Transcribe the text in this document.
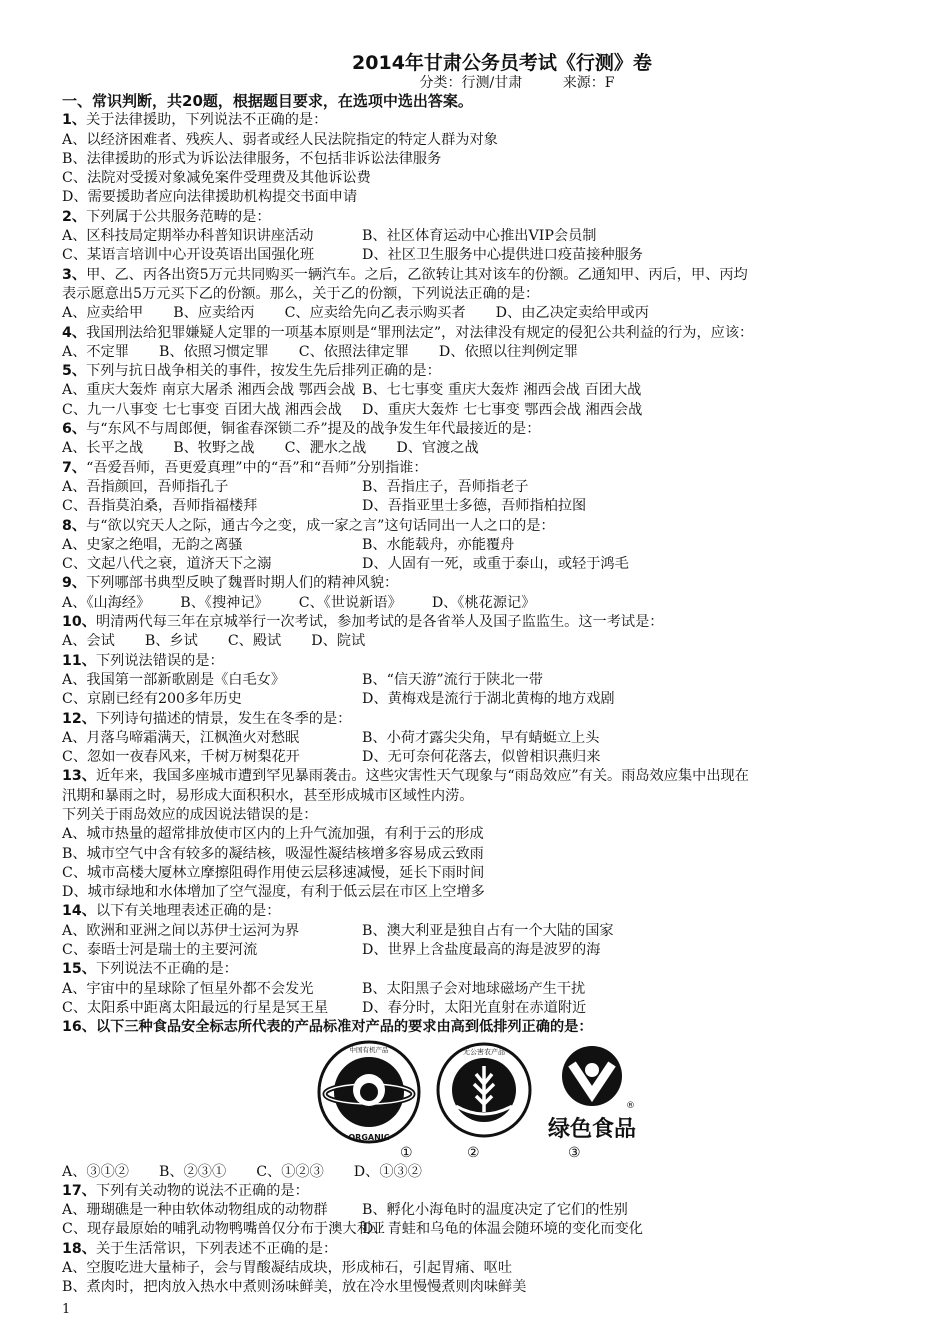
2014年甘肃公务员考试《行测》卷
分类：行测/甘肃	来源：F
一、常识判断，共20题，根据题目要求，在选项中选出答案。
1、关于法律援助，下列说法不正确的是：
A、以经济困难者、残疾人、弱者或经人民法院指定的特定人群为对象
B、法律援助的形式为诉讼法律服务，不包括非诉讼法律服务
C、法院对受援对象减免案件受理费及其他诉讼费
D、需要援助者应向法律援助机构提交书面申请
2、下列属于公共服务范畴的是：
A、区科技局定期举办科普知识讲座活动	B、社区体育运动中心推出VIP会员制
C、某语言培训中心开设英语出国强化班	D、社区卫生服务中心提供进口疫苗接种服务
3、甲、乙、丙各出资5万元共同购买一辆汽车。之后，乙欲转让其对该车的份额。乙通知甲、丙后，甲、丙均
表示愿意出5万元买下乙的份额。那么，关于乙的份额，下列说法正确的是：
A、应卖给甲 B、应卖给丙 C、应卖给先向乙表示购买者 D、由乙决定卖给甲或丙
4、我国刑法给犯罪嫌疑人定罪的一项基本原则是“罪刑法定”，对法律没有规定的侵犯公共利益的行为，应该：
A、不定罪 B、依照习惯定罪 C、依照法律定罪 D、依照以往判例定罪
5、下列与抗日战争相关的事件，按发生先后排列正确的是：
A、重庆大轰炸 南京大屠杀 湘西会战 鄂西会战 B、七七事变 重庆大轰炸 湘西会战 百团大战
C、九一八事变 七七事变 百团大战 湘西会战 D、重庆大轰炸 七七事变 鄂西会战 湘西会战
6、与“东风不与周郎便，铜雀春深锁二乔”提及的战争发生年代最接近的是：
A、长平之战 B、牧野之战 C、淝水之战 D、官渡之战
7、“吾爱吾师，吾更爱真理”中的“吾”和“吾师”分别指谁：
A、吾指颜回，吾师指孔子	B、吾指庄子，吾师指老子
C、吾指莫泊桑，吾师指福楼拜	D、吾指亚里士多德，吾师指柏拉图
8、与“欲以究天人之际，通古今之变，成一家之言”这句话同出一人之口的是：
A、史家之绝唱，无韵之离骚	B、水能载舟，亦能覆舟
C、文起八代之衰，道济天下之溺	D、人固有一死，或重于泰山，或轻于鸿毛
9、下列哪部书典型反映了魏晋时期人们的精神风貌：
A、《山海经》 B、《搜神记》 C、《世说新语》 D、《桃花源记》
10、明清两代每三年在京城举行一次考试，参加考试的是各省举人及国子监监生。这一考试是：
A、会试 B、乡试 C、殿试 D、院试
11、下列说法错误的是：
A、我国第一部新歌剧是《白毛女》	B、“信天游”流行于陕北一带
C、京剧已经有200多年历史	D、黄梅戏是流行于湖北黄梅的地方戏剧
12、下列诗句描述的情景，发生在冬季的是：
A、月落乌啼霜满天，江枫渔火对愁眠	B、小荷才露尖尖角，早有蜻蜓立上头
C、忽如一夜春风来，千树万树梨花开	D、无可奈何花落去，似曾相识燕归来
13、近年来，我国多座城市遭到罕见暴雨袭击。这些灾害性天气现象与“雨岛效应”有关。雨岛效应集中出现在
汛期和暴雨之时，易形成大面积积水，甚至形成城市区域性内涝。
下列关于雨岛效应的成因说法错误的是：
A、城市热量的超常排放使市区内的上升气流加强，有利于云的形成
B、城市空气中含有较多的凝结核，吸湿性凝结核增多容易成云致雨
C、城市高楼大厦林立摩擦阻碍作用使云层移速减慢，延长下雨时间
D、城市绿地和水体增加了空气湿度，有利于低云层在市区上空增多
14、以下有关地理表述正确的是：
A、欧洲和亚洲之间以苏伊士运河为界	B、澳大利亚是独自占有一个大陆的国家
C、泰晤士河是瑞士的主要河流	D、世界上含盐度最高的海是波罗的海
15、下列说法不正确的是：
A、宇宙中的星球除了恒星外都不会发光	B、太阳黑子会对地球磁场产生干扰
C、太阳系中距离太阳最远的行星是冥王星 D、春分时，太阳光直射在赤道附近
16、以下三种食品安全标志所代表的产品标准对产品的要求由高到低排列正确的是：
中国有机产品
ORGANIC
无公害农产品
®
绿色食品
①	②	③
A、③①② B、②③① C、①②③ D、①③②
17、下列有关动物的说法不正确的是：
A、珊瑚礁是一种由软体动物组成的动物群 B、孵化小海龟时的温度决定了它们的性别
C、现存最原始的哺乳动物鸭嘴兽仅分布于澳大利亚D、青蛙和乌龟的体温会随环境的变化而变化
18、关于生活常识，下列表述不正确的是：
A、空腹吃进大量柿子，会与胃酸凝结成块，形成柿石，引起胃痛、呕吐
B、煮肉时，把肉放入热水中煮则汤味鲜美，放在冷水里慢慢煮则肉味鲜美
1
